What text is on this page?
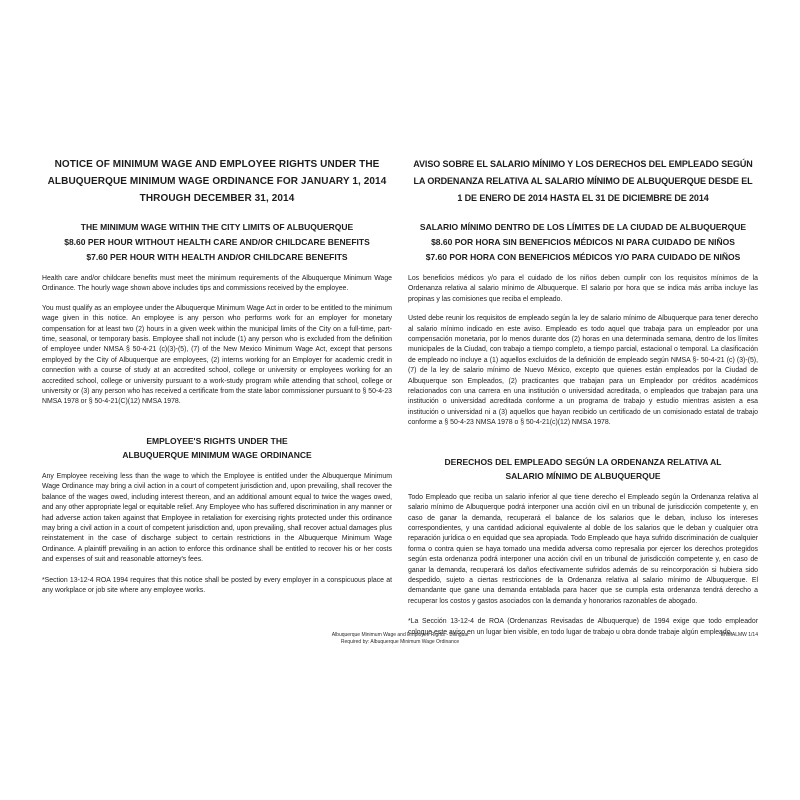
NOTICE OF MINIMUM WAGE AND EMPLOYEE RIGHTS UNDER THE
ALBUQUERQUE MINIMUM WAGE ORDINANCE FOR JANUARY 1, 2014
THROUGH DECEMBER 31, 2014
THE MINIMUM WAGE WITHIN THE CITY LIMITS OF ALBUQUERQUE
$8.60 PER HOUR WITHOUT HEALTH CARE AND/OR CHILDCARE BENEFITS
$7.60 PER HOUR WITH HEALTH AND/OR CHILDCARE BENEFITS

Health care and/or childcare benefits must meet the minimum requirements of the Albuquerque Minimum Wage Ordinance. The hourly wage shown above includes tips and commissions received by the employee.

You must qualify as an employee under the Albuquerque Minimum Wage Act in order to be entitled to the minimum wage given in this notice. An employee is any person who performs work for an employer for monetary compensation for at least two (2) hours in a given week within the municipal limits of the City on a full-time, part-time, seasonal, or temporary basis. Employee shall not include (1) any person who is excluded from the definition of employee under NMSA § 50-4-21 (c)(3)-(5), (7) of the New Mexico Minimum Wage Act, except that persons employed by the City of Albuquerque are employees, (2) interns working for an Employer for academic credit in connection with a course of study at an accredited school, college or university or employees working for an accredited school, college or university pursuant to a work-study program while attending that school, college or university or (3) any person who has received a certificate from the state labor commissioner pursuant to § 50-4-23 NMSA 1978 or § 50-4-21(C)(12) NMSA 1978.

EMPLOYEE'S RIGHTS UNDER THE
ALBUQUERQUE MINIMUM WAGE ORDINANCE

Any Employee receiving less than the wage to which the Employee is entitled under the Albuquerque Minimum Wage Ordinance may bring a civil action in a court of competent jurisdiction and, upon prevailing, shall recover the balance of the wages owed, including interest thereon, and an additional amount equal to twice the wages owed, and any other appropriate legal or equitable relief. Any Employee who has suffered discrimination in any manner or had adverse action taken against that Employee in retaliation for exercising rights protected under this ordinance may bring a civil action in a court of competent jurisdiction and, upon prevailing, shall recover actual damages plus reinstatement in the case of discharge subject to certain restrictions in the Albuquerque Minimum Wage Ordinance. A plaintiff prevailing in an action to enforce this ordinance shall be entitled to recover his or her costs and expenses of suit and reasonable attorney's fees.

*Section 13-12-4 ROA 1994 requires that this notice shall be posted by every employer in a conspicuous place at any workplace or job site where any employee works.

AVISO SOBRE EL SALARIO MÍNIMO Y LOS DERECHOS DEL EMPLEADO SEGÚN
LA ORDENANZA RELATIVA AL SALARIO MÍNIMO DE ALBUQUERQUE DESDE EL
1 DE ENERO DE 2014 HASTA EL 31 DE DICIEMBRE DE 2014
SALARIO MÍNIMO DENTRO DE LOS LÍMITES DE LA CIUDAD DE ALBUQUERQUE
$8.60 POR HORA SIN BENEFICIOS MÉDICOS NI PARA CUIDADO DE NIÑOS
$7.60 POR HORA CON BENEFICIOS MÉDICOS Y/O PARA CUIDADO DE NIÑOS

Los beneficios médicos y/o para el cuidado de los niños deben cumplir con los requisitos mínimos de la Ordenanza relativa al salario mínimo de Albuquerque. El salario por hora que se indica más arriba incluye las propinas y las comisiones que reciba el empleado.

Usted debe reunir los requisitos de empleado según la ley de salario mínimo de Albuquerque para tener derecho al salario mínimo indicado en este aviso. Empleado es todo aquel que trabaja para un empleador por una compensación monetaria, por lo menos durante dos (2) horas en una determinada semana, dentro de los límites municipales de la Ciudad, con trabajo a tiempo completo, a tiempo parcial, estacional o temporal. La clasificación de empleado no incluye a (1) aquellos excluidos de la definición de empleado según NMSA §- 50-4-21 (c) (3)-(5), (7) de la ley de salario mínimo de Nuevo México, excepto que quienes están empleados por la Ciudad de Albuquerque son Empleados, (2) practicantes que trabajan para un Empleador por créditos académicos relacionados con una carrera en una institución o universidad acreditada, o empleados que trabajan para una institución o universidad acreditada conforme a un programa de trabajo y estudio mientras asisten a esa institución o universidad ni a (3) aquellos que hayan recibido un certificado de un comisionado estatal de trabajo conforme a § 50-4-23 NMSA 1978 o § 50-4-21(c)(12) NMSA 1978.

DERECHOS DEL EMPLEADO SEGÚN LA ORDENANZA RELATIVA AL
SALARIO MÍNIMO DE ALBUQUERQUE

Todo Empleado que reciba un salario inferior al que tiene derecho el Empleado según la Ordenanza relativa al salario mínimo de Albuquerque podrá interponer una acción civil en un tribunal de jurisdicción competente y, en caso de ganar la demanda, recuperará el balance de los salarios que le deban, incluso los intereses correspondientes, y una cantidad adicional equivalente al doble de los salarios que le deban y cualquier otra reparación jurídica o en equidad que sea apropiada. Todo Empleado que haya sufrido discriminación de cualquier forma o contra quien se haya tomado una medida adversa como represalia por ejercer los derechos protegidos según esta ordenanza podrá interponer una acción civil en un tribunal de jurisdicción competente y, en caso de ganar la demanda, recuperará los daños efectivamente sufridos además de su reincorporación si hubiera sido despedido, sujeto a ciertas restricciones de la Ordenanza relativa al salario mínimo de Albuquerque. El demandante que gane una demanda entablada para hacer que se cumpla esta ordenanza tendrá derecho a recuperar los costos y gastos asociados con la demanda y honorarios razonables de abogado.

*La Sección 13-12-4 de ROA (Ordenanzas Revisadas de Albuquerque) de 1994 exige que todo empleador coloque este aviso en un lugar bien visible, en todo lugar de trabajo u obra donde trabaje algún empleado.

Albuquerque Minimum Wage and Employee Rights - Bilingual
Required by: Albuquerque Minimum Wage Ordinance
ENMALMW 1/14
